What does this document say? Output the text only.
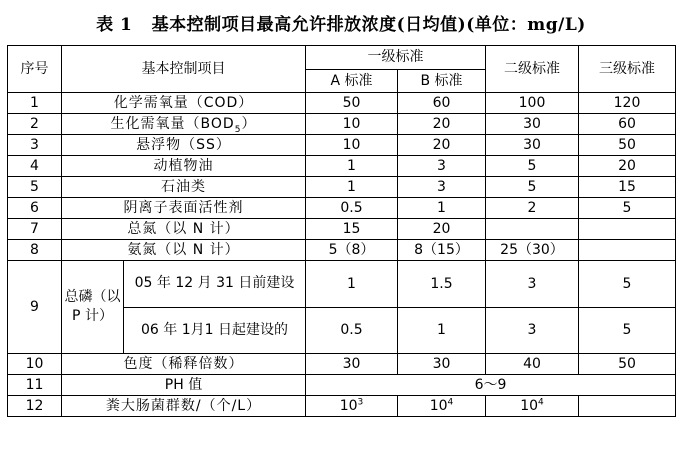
表 1 基本控制项目最高允许排放浓度(日均值)(单位：mg/L)
序号	基本控制项目		一级标准		二级标准	三级标准
			A 标准	B 标准		
1	化学需氧量（COD）		50	60	100	120
2	生化需氧量$(BOD_5)$		10	20	30	60
3	悬浮物（SS）		10	20	30	50
4	动植物油		1	3	5	20
5	石油类		1	3	5	15
6	阴离子表面活性剂		0.5	1	2	5
7	总氮（以 N 计）		15	20		
8	氨氮（以 N 计）		5（8）	8（15）	25（30）	
9	总磷（以 P 计）	05 年 12 月 31 日前建设	1	1.5	3	5
		06 年 1月1 日起建设的	0.5	1	3	5
10	色度（稀释倍数）		30	30	40	50
11	PH 值		6～9			
12	粪大肠菌群数/（个/L）		$10^3$	$10^4$	$10^4$	
